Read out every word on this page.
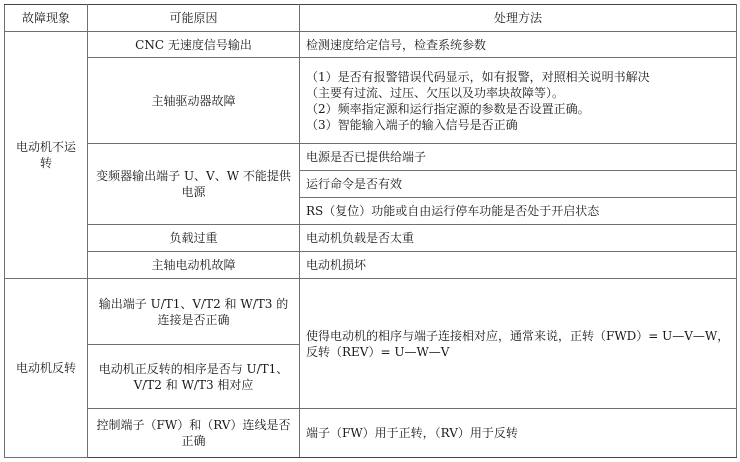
故障现象	可能原因	处理方法
电动机不运转	CNC 无速度信号输出	检测速度给定信号，检查系统参数
	主轴驱动器故障	（1）是否有报警错误代码显示，如有报警，对照相关说明书解决
（主要有过流、过压、欠压以及功率块故障等）。
（2）频率指定源和运行指定源的参数是否设置正确。
（3）智能输入端子的输入信号是否正确

	变频器输出端子 U、V、W 不能提供电源	电源是否已提供给端子
		运行命令是否有效
		RS（复位）功能或自由运行停车功能是否处于开启状态
	负载过重	电动机负载是否太重
	主轴电动机故障	电动机损坏
电动机反转	输出端子 U/T1、V/T2 和 W/T3 的连接是否正确	使得电动机的相序与端子连接相对应，通常来说，正转（FWD）= U—V—W，反转（REV）= U—W—V
	电动机正反转的相序是否与 U/T1、V/T2 和 W/T3 相对应	
	控制端子（FW）和（RV）连线是否正确	端子（FW）用于正转，（RV）用于反转
